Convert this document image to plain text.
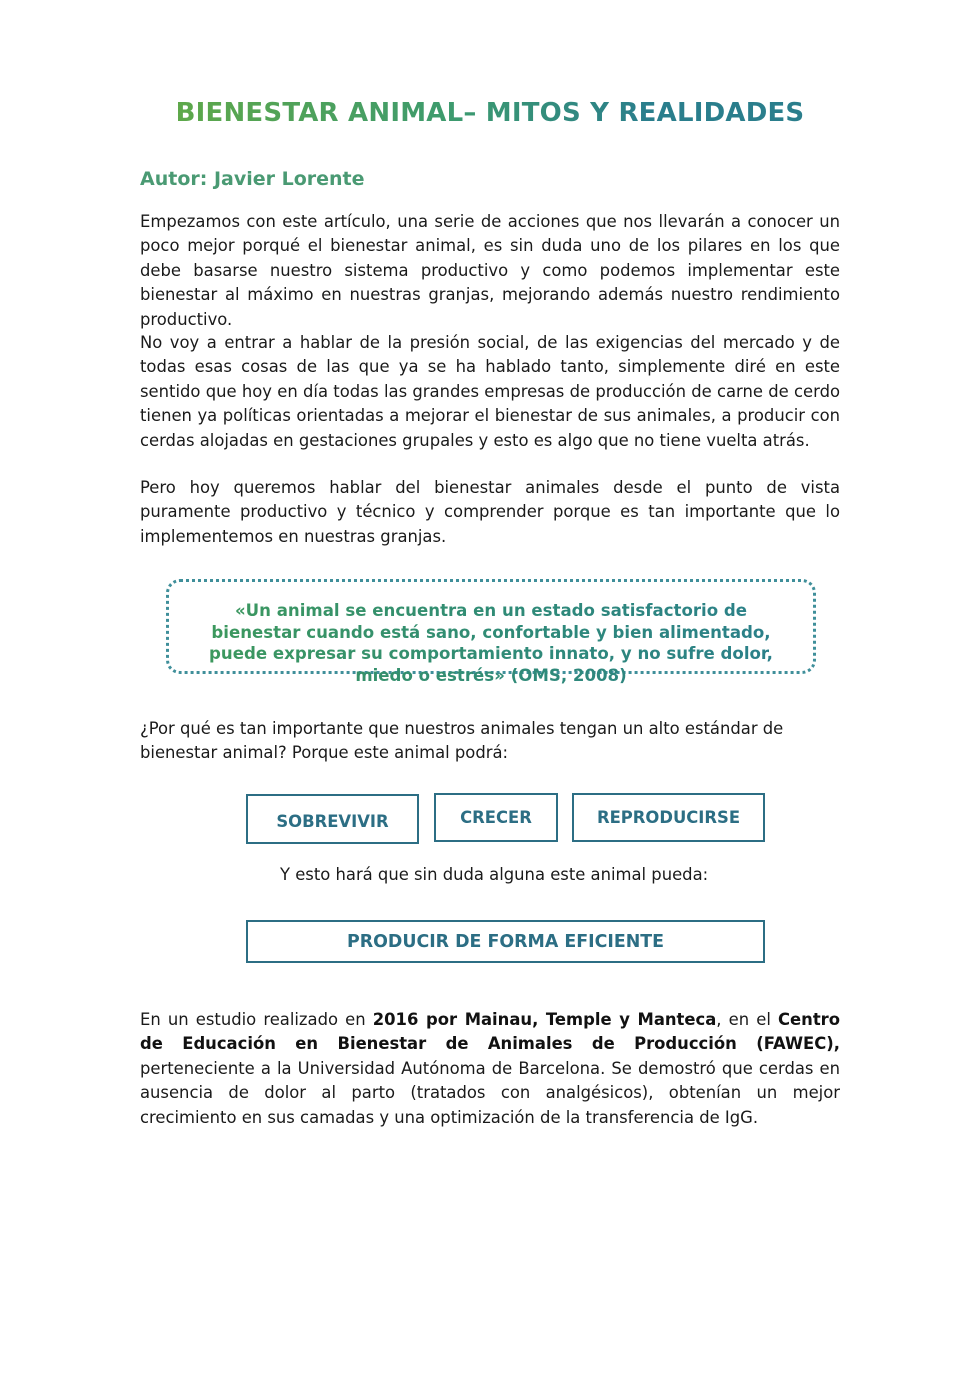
BIENESTAR ANIMAL– MITOS Y REALIDADES
Autor: Javier Lorente

Empezamos con este artículo, una serie de acciones que nos llevarán a conocer un poco mejor porqué el bienestar animal, es sin duda uno de los pilares en los que debe basarse nuestro sistema productivo y como podemos implementar este bienestar al máximo en nuestras granjas, mejorando además nuestro rendimiento productivo.

No voy a entrar a hablar de la presión social, de las exigencias del mercado y de todas esas cosas de las que ya se ha hablado tanto, simplemente diré en este sentido que hoy en día todas las grandes empresas de producción de carne de cerdo tienen ya políticas orientadas a mejorar el bienestar de sus animales, a producir con cerdas alojadas en gestaciones grupales y esto es algo que no tiene vuelta atrás.

Pero hoy queremos hablar del bienestar animales desde el punto de vista puramente productivo y técnico y comprender porque es tan importante que lo implementemos en nuestras granjas.

«Un animal se encuentra en un estado satisfactorio de bienestar cuando está sano, confortable y bien alimentado, puede expresar su comportamiento innato, y no sufre dolor, miedo o estrés» (OMS, 2008)

¿Por qué es tan importante que nuestros animales tengan un alto estándar de bienestar animal? Porque este animal podrá:

SOBREVIVIR	CRECER	REPRODUCIRSE
Y esto hará que sin duda alguna este animal pueda:
PRODUCIR DE FORMA EFICIENTE

En un estudio realizado en 2016 por Mainau, Temple y Manteca, en el Centro de Educación en Bienestar de Animales de Producción (FAWEC), perteneciente a la Universidad Autónoma de Barcelona. Se demostró que cerdas en ausencia de dolor al parto (tratados con analgésicos), obtenían un mejor crecimiento en sus camadas y una optimización de la transferencia de IgG.
